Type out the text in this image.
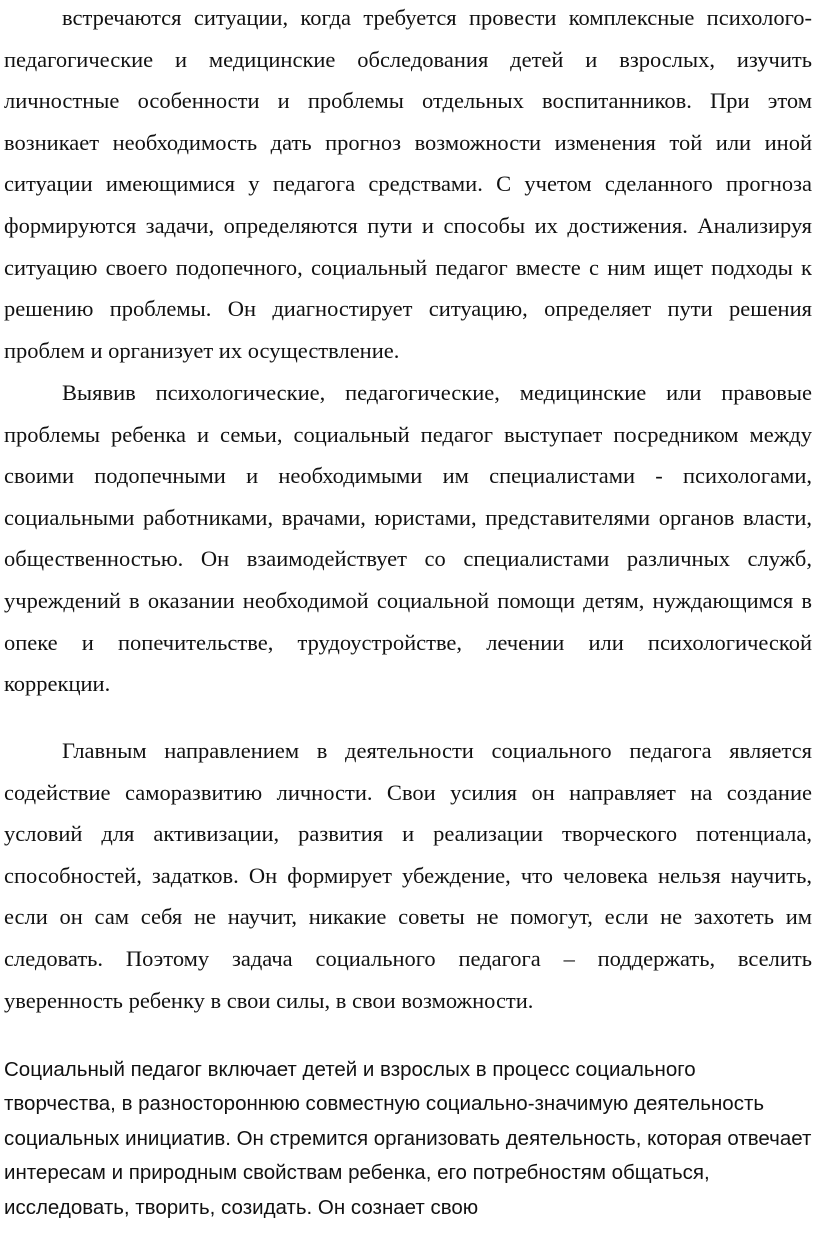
встречаются ситуации, когда требуется провести комплексные психолого-педагогические и медицинские обследования детей и взрослых, изучить личностные особенности и проблемы отдельных воспитанников. При этом возникает необходимость дать прогноз возможности изменения той или иной ситуации имеющимися у педагога средствами. С учетом сделанного прогноза формируются задачи, определяются пути и способы их достижения. Анализируя ситуацию своего подопечного, социальный педагог вместе с ним ищет подходы к решению проблемы. Он диагностирует ситуацию, определяет пути решения проблем и организует их осуществление.

Выявив психологические, педагогические, медицинские или правовые проблемы ребенка и семьи, социальный педагог выступает посредником между своими подопечными и необходимыми им специалистами - психологами, социальными работниками, врачами, юристами, представителями органов власти, общественностью. Он взаимодействует со специалистами различных служб, учреждений в оказании необходимой социальной помощи детям, нуждающимся в опеке и попечительстве, трудоустройстве, лечении или психологической коррекции.

Главным направлением в деятельности социального педагога является содействие саморазвитию личности. Свои усилия он направляет на создание условий для активизации, развития и реализации творческого потенциала, способностей, задатков. Он формирует убеждение, что человека нельзя научить, если он сам себя не научит, никакие советы не помогут, если не захотеть им следовать. Поэтому задача социального педагога – поддержать, вселить уверенность ребенку в свои силы, в свои возможности.

Социальный педагог включает детей и взрослых в процесс социального творчества, в разностороннюю совместную социально-значимую деятельность социальных инициатив. Он стремится организовать деятельность, которая отвечает интересам и природным свойствам ребенка, его потребностям общаться, исследовать, творить, созидать. Он сознает свою
